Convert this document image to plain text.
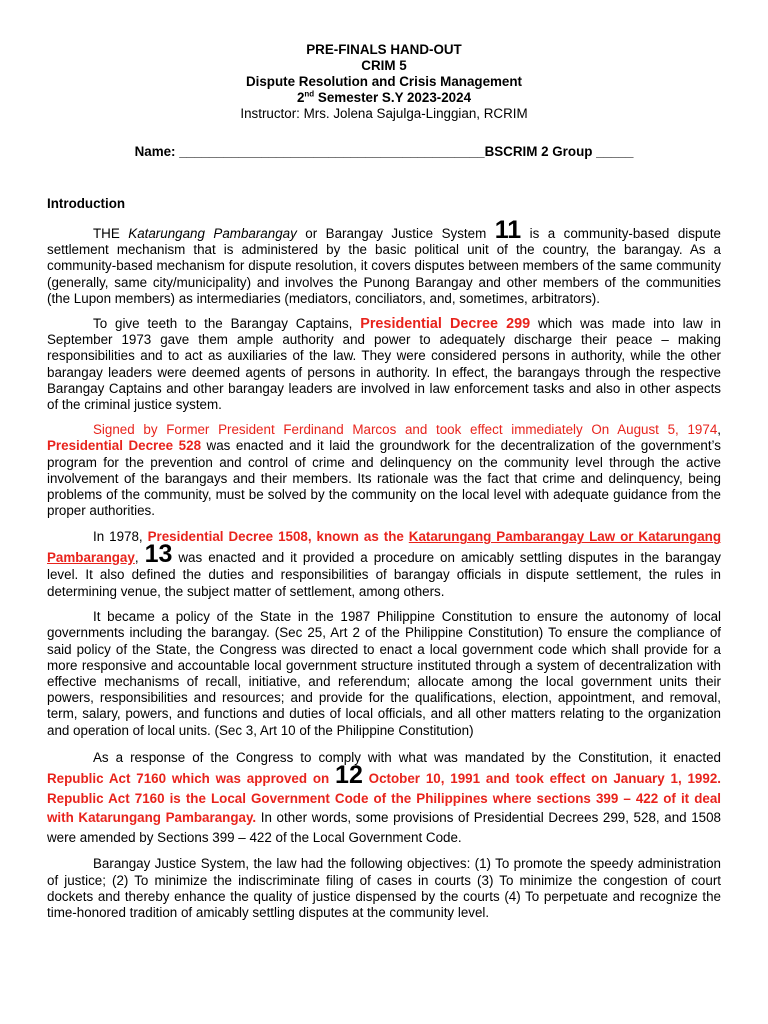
PRE-FINALS HAND-OUT
CRIM 5
Dispute Resolution and Crisis Management
2nd Semester S.Y 2023-2024
Instructor: Mrs. Jolena Sajulga-Linggian, RCRIM
Name: _________________________________________BSCRIM 2 Group _____
Introduction

THE Katarungang Pambarangay or Barangay Justice System 11 is a community-based dispute settlement mechanism that is administered by the basic political unit of the country, the barangay. As a community-based mechanism for dispute resolution, it covers disputes between members of the same community (generally, same city/municipality) and involves the Punong Barangay and other members of the communities (the Lupon members) as intermediaries (mediators, conciliators, and, sometimes, arbitrators).

To give teeth to the Barangay Captains, Presidential Decree 299 which was made into law in September 1973 gave them ample authority and power to adequately discharge their peace – making responsibilities and to act as auxiliaries of the law. They were considered persons in authority, while the other barangay leaders were deemed agents of persons in authority. In effect, the barangays through the respective Barangay Captains and other barangay leaders are involved in law enforcement tasks and also in other aspects of the criminal justice system.

Signed by Former President Ferdinand Marcos and took effect immediately On August 5, 1974, Presidential Decree 528 was enacted and it laid the groundwork for the decentralization of the government’s program for the prevention and control of crime and delinquency on the community level through the active involvement of the barangays and their members. Its rationale was the fact that crime and delinquency, being problems of the community, must be solved by the community on the local level with adequate guidance from the proper authorities.

In 1978, Presidential Decree 1508, known as the Katarungang Pambarangay Law or Katarungang Pambarangay, 13 was enacted and it provided a procedure on amicably settling disputes in the barangay level. It also defined the duties and responsibilities of barangay officials in dispute settlement, the rules in determining venue, the subject matter of settlement, among others.

It became a policy of the State in the 1987 Philippine Constitution to ensure the autonomy of local governments including the barangay. (Sec 25, Art 2 of the Philippine Constitution) To ensure the compliance of said policy of the State, the Congress was directed to enact a local government code which shall provide for a more responsive and accountable local government structure instituted through a system of decentralization with effective mechanisms of recall, initiative, and referendum; allocate among the local government units their powers, responsibilities and resources; and provide for the qualifications, election, appointment, and removal, term, salary, powers, and functions and duties of local officials, and all other matters relating to the organization and operation of local units. (Sec 3, Art 10 of the Philippine Constitution)

As a response of the Congress to comply with what was mandated by the Constitution, it enacted Republic Act 7160 which was approved on 12 October 10, 1991 and took effect on January 1, 1992. Republic Act 7160 is the Local Government Code of the Philippines where sections 399 – 422 of it deal with Katarungang Pambarangay. In other words, some provisions of Presidential Decrees 299, 528, and 1508 were amended by Sections 399 – 422 of the Local Government Code.

Barangay Justice System, the law had the following objectives: (1) To promote the speedy administration of justice; (2) To minimize the indiscriminate filing of cases in courts (3) To minimize the congestion of court dockets and thereby enhance the quality of justice dispensed by the courts (4) To perpetuate and recognize the time-honored tradition of amicably settling disputes at the community level.
